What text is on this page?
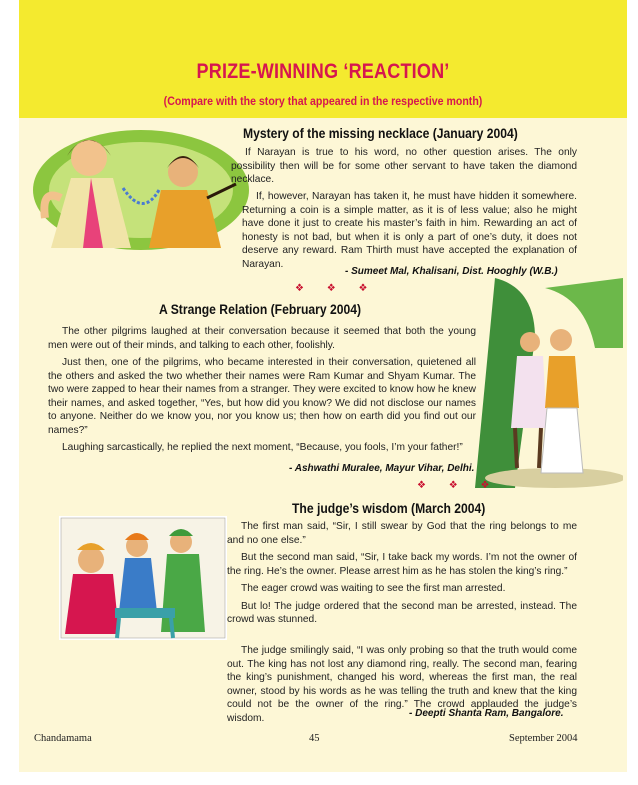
PRIZE-WINNING ‘REACTION’
(Compare with the story that appeared in the respective month)
Mystery of the missing necklace (January 2004)

If Narayan is true to his word, no other question arises. The only possibility then will be for some other servant to have taken the diamond necklace.

If, however, Narayan has taken it, he must have hidden it somewhere. Returning a coin is a simple matter, as it is of less value; also he might have done it just to create his master’s faith in him. Rewarding an act of honesty is not bad, but when it is only a part of one’s duty, it does not deserve any reward. Ram Thirth must have accepted the explanation of Narayan.

- Sumeet Mal, Khalisani, Dist. Hooghly (W.B.)
❖ ❖ ❖
A Strange Relation (February 2004)

The other pilgrims laughed at their conversation because it seemed that both the young men were out of their minds, and talking to each other, foolishly.

Just then, one of the pilgrims, who became interested in their conversation, quietened all the others and asked the two whether their names were Ram Kumar and Shyam Kumar. The two were zapped to hear their names from a stranger. They were excited to know how he knew their names, and asked together, “Yes, but how did you know? We did not disclose our names to anyone. Neither do we know you, nor you know us; then how on earth did you find out our names?”

Laughing sarcastically, he replied the next moment, “Because, you fools, I’m your father!”

- Ashwathi Muralee, Mayur Vihar, Delhi.
❖ ❖ ❖
The judge’s wisdom (March 2004)

The first man said, “Sir, I still swear by God that the ring belongs to me and no one else.”

But the second man said, “Sir, I take back my words. I’m not the owner of the ring. He’s the owner. Please arrest him as he has stolen the king’s ring.”

The eager crowd was waiting to see the first man arrested.

But lo! The judge ordered that the second man be arrested, instead. The crowd was stunned.

The judge smilingly said, “I was only probing so that the truth would come out. The king has not lost any diamond ring, really. The second man, fearing the king’s punishment, changed his word, whereas the first man, the real owner, stood by his words as he was telling the truth and knew that the king could not be the owner of the ring.” The crowd applauded the judge’s wisdom.	- Deepti Shanta Ram, Bangalore.
Chandamama	45	September 2004
